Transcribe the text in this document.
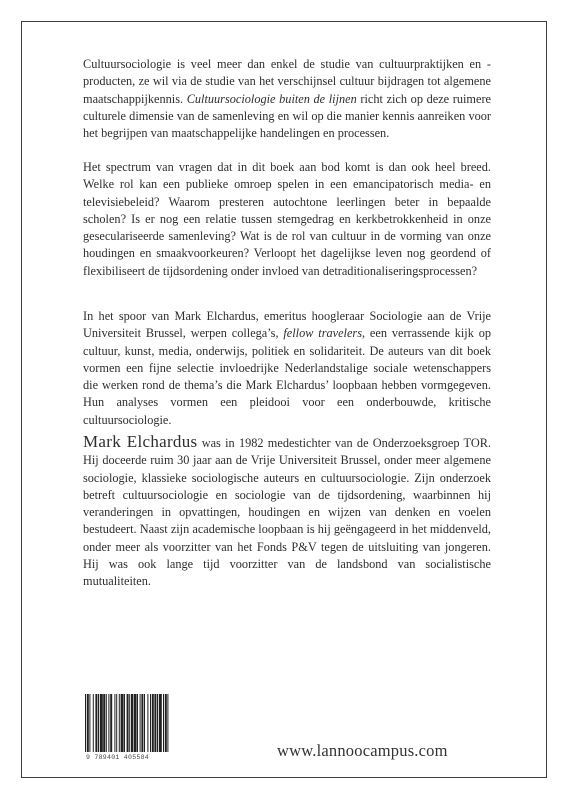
Cultuursociologie is veel meer dan enkel de studie van cultuurpraktijken en -producten, ze wil via de studie van het verschijnsel cultuur bijdragen tot algemene maatschappijkennis. Cultuursociologie buiten de lijnen richt zich op deze ruimere culturele dimensie van de samenleving en wil op die manier kennis aanreiken voor het begrijpen van maatschappelijke handelingen en processen.

Het spectrum van vragen dat in dit boek aan bod komt is dan ook heel breed. Welke rol kan een publieke omroep spelen in een emancipatorisch media- en televisiebeleid? Waarom presteren autochtone leerlingen beter in bepaalde scholen? Is er nog een relatie tussen stemgedrag en kerkbetrokkenheid in onze geseculariseerde samenleving? Wat is de rol van cultuur in de vorming van onze houdingen en smaakvoorkeuren? Verloopt het dagelijkse leven nog geordend of flexibiliseert de tijdsordening onder invloed van detraditionaliseringsprocessen?

In het spoor van Mark Elchardus, emeritus hoogleraar Sociologie aan de Vrije Universiteit Brussel, werpen collega’s, fellow travelers, een verrassende kijk op cultuur, kunst, media, onderwijs, politiek en solidariteit. De auteurs van dit boek vormen een fijne selectie invloedrijke Nederlandstalige sociale wetenschappers die werken rond de thema’s die Mark Elchardus’ loopbaan hebben vormgegeven. Hun analyses vormen een pleidooi voor een onderbouwde, kritische cultuursociologie.

Mark Elchardus was in 1982 medestichter van de Onderzoeksgroep TOR. Hij doceerde ruim 30 jaar aan de Vrije Universiteit Brussel, onder meer algemene sociologie, klassieke sociologische auteurs en cultuursociologie. Zijn onderzoek betreft cultuursociologie en sociologie van de tijdsordening, waarbinnen hij veranderingen in opvattingen, houdingen en wijzen van denken en voelen bestudeert. Naast zijn academische loopbaan is hij geëngageerd in het middenveld, onder meer als voorzitter van het Fonds P&V tegen de uitsluiting van jongeren. Hij was ook lange tijd voorzitter van de landsbond van socialistische mutualiteiten.

9 789401 405584	www.lannoocampus.com
